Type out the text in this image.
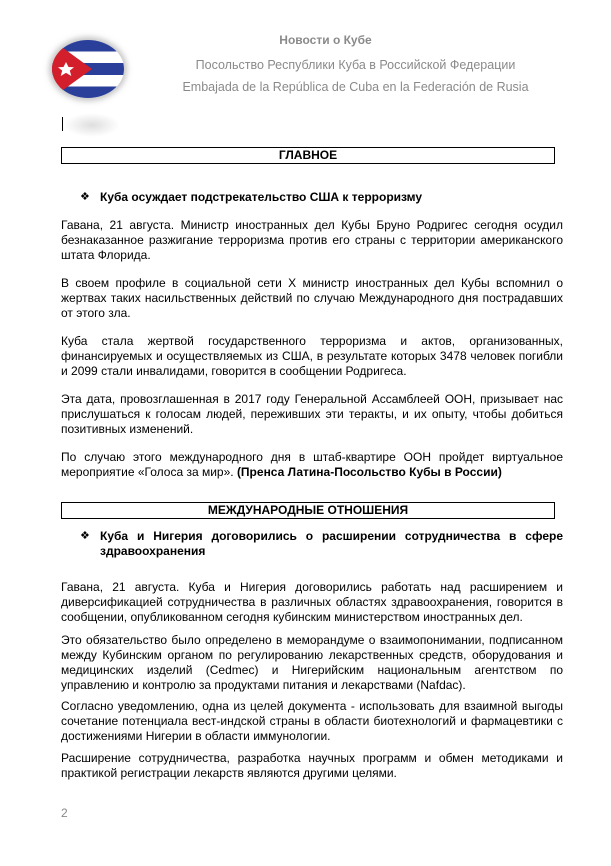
Новости о Кубе
Посольство Республики Куба в Российской Федерации
Embajada de la República de Cuba en la Federación de Rusia
ГЛАВНОЕ
❖ Куба осуждает подстрекательство США к терроризму

Гавана, 21 августа. Министр иностранных дел Кубы Бруно Родригес сегодня осудил безнаказанное разжигание терроризма против его страны с территории американского штата Флорида.

В своем профиле в социальной сети X министр иностранных дел Кубы вспомнил о жертвах таких насильственных действий по случаю Международного дня пострадавших от этого зла.

Куба стала жертвой государственного терроризма и актов, организованных, финансируемых и осуществляемых из США, в результате которых 3478 человек погибли и 2099 стали инвалидами, говорится в сообщении Родригеса.

Эта дата, провозглашенная в 2017 году Генеральной Ассамблеей ООН, призывает нас прислушаться к голосам людей, переживших эти теракты, и их опыту, чтобы добиться позитивных изменений.

По случаю этого международного дня в штаб-квартире ООН пройдет виртуальное мероприятие «Голоса за мир». (Пренса Латина-Посольство Кубы в России)

МЕЖДУНАРОДНЫЕ ОТНОШЕНИЯ
❖ Куба и Нигерия договорились о расширении сотрудничества в сфере здравоохранения

Гавана, 21 августа. Куба и Нигерия договорились работать над расширением и диверсификацией сотрудничества в различных областях здравоохранения, говорится в сообщении, опубликованном сегодня кубинским министерством иностранных дел.

Это обязательство было определено в меморандуме о взаимопонимании, подписанном между Кубинским органом по регулированию лекарственных средств, оборудования и медицинских изделий (Cedmec) и Нигерийским национальным агентством по управлению и контролю за продуктами питания и лекарствами (Nafdac).

Согласно уведомлению, одна из целей документа - использовать для взаимной выгоды сочетание потенциала вест-индской страны в области биотехнологий и фармацевтики с достижениями Нигерии в области иммунологии.

Расширение сотрудничества, разработка научных программ и обмен методиками и практикой регистрации лекарств являются другими целями.

2
